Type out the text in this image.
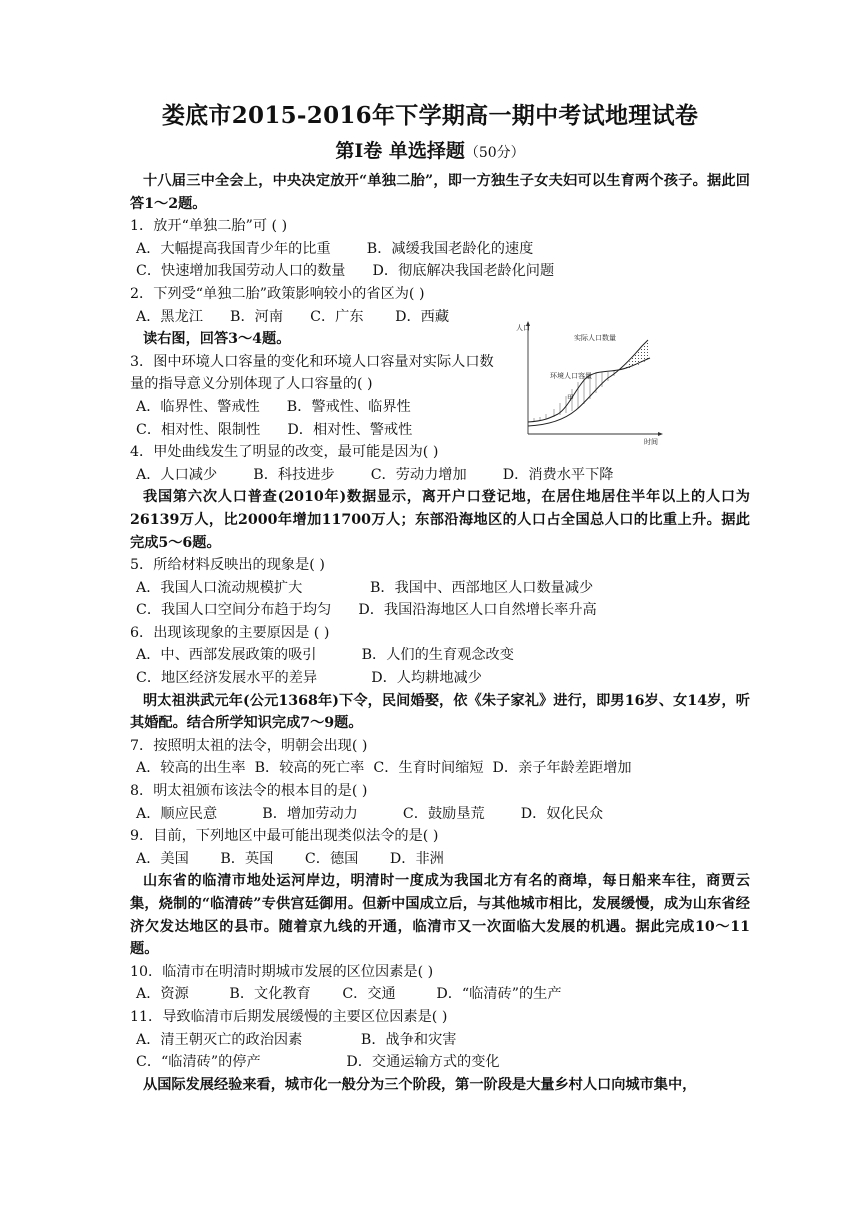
娄底市2015-2016年下学期高一期中考试地理试卷
第I卷 单选择题（50分）

十八届三中全会上，中央决定放开“单独二胎”，即一方独生子女夫妇可以生育两个孩子。据此回答1～2题。

1．放开“单独二胎”可 ( )

A．大幅提高我国青少年的比重        B．减缓我国老龄化的速度

C．快速增加我国劳动人口的数量      D．彻底解决我国老龄化问题

2．下列受“单独二胎”政策影响较小的省区为( )

A．黑龙江      B．河南      C．广东       D．西藏

读右图，回答3～4题。

3．图中环境人口容量的变化和环境人口容量对实际人口数量的指导意义分别体现了人口容量的( )

A．临界性、警戒性      B．警戒性、临界性

C．相对性、限制性      D．相对性、警戒性

4．甲处曲线发生了明显的改变，最可能是因为( )

A．人口减少        B．科技进步        C．劳动力增加        D．消费水平下降

我国第六次人口普查(2010年)数据显示，离开户口登记地，在居住地居住半年以上的人口为26139万人，比2000年增加11700万人；东部沿海地区的人口占全国总人口的比重上升。据此完成5～6题。

5．所给材料反映出的现象是( )

A．我国人口流动规模扩大               B．我国中、西部地区人口数量减少

C．我国人口空间分布趋于均匀      D．我国沿海地区人口自然增长率升高

6．出现该现象的主要原因是 ( )

A．中、西部发展政策的吸引          B．人们的生育观念改变

C．地区经济发展水平的差异            D．人均耕地减少

明太祖洪武元年(公元1368年)下令，民间婚娶，依《朱子家礼》进行，即男16岁、女14岁，听其婚配。结合所学知识完成7～9题。

7．按照明太祖的法令，明朝会出现( )

A．较高的出生率  B．较高的死亡率  C．生育时间缩短  D．亲子年龄差距增加

8．明太祖颁布该法令的根本目的是( )

A．顺应民意          B．增加劳动力          C．鼓励垦荒        D．奴化民众

9．目前，下列地区中最可能出现类似法令的是( )

A．美国       B．英国       C．德国       D．非洲

山东省的临清市地处运河岸边，明清时一度成为我国北方有名的商埠，每日船来车往，商贾云集，烧制的“临清砖”专供宫廷御用。但新中国成立后，与其他城市相比，发展缓慢，成为山东省经济欠发达地区的县市。随着京九线的开通，临清市又一次面临大发展的机遇。据此完成10～11题。

10．临清市在明清时期城市发展的区位因素是( )

A．资源         B．文化教育       C．交通         D．“临清砖”的生产

11．导致临清市后期发展缓慢的主要区位因素是( )

A．清王朝灭亡的政治因素             B．战争和灾害

C．“临清砖”的停产                   D．交通运输方式的变化

从国际发展经验来看，城市化一般分为三个阶段，第一阶段是大量乡村人口向城市集中，

人口
时间
实际人口数量
环境人口容量
甲
